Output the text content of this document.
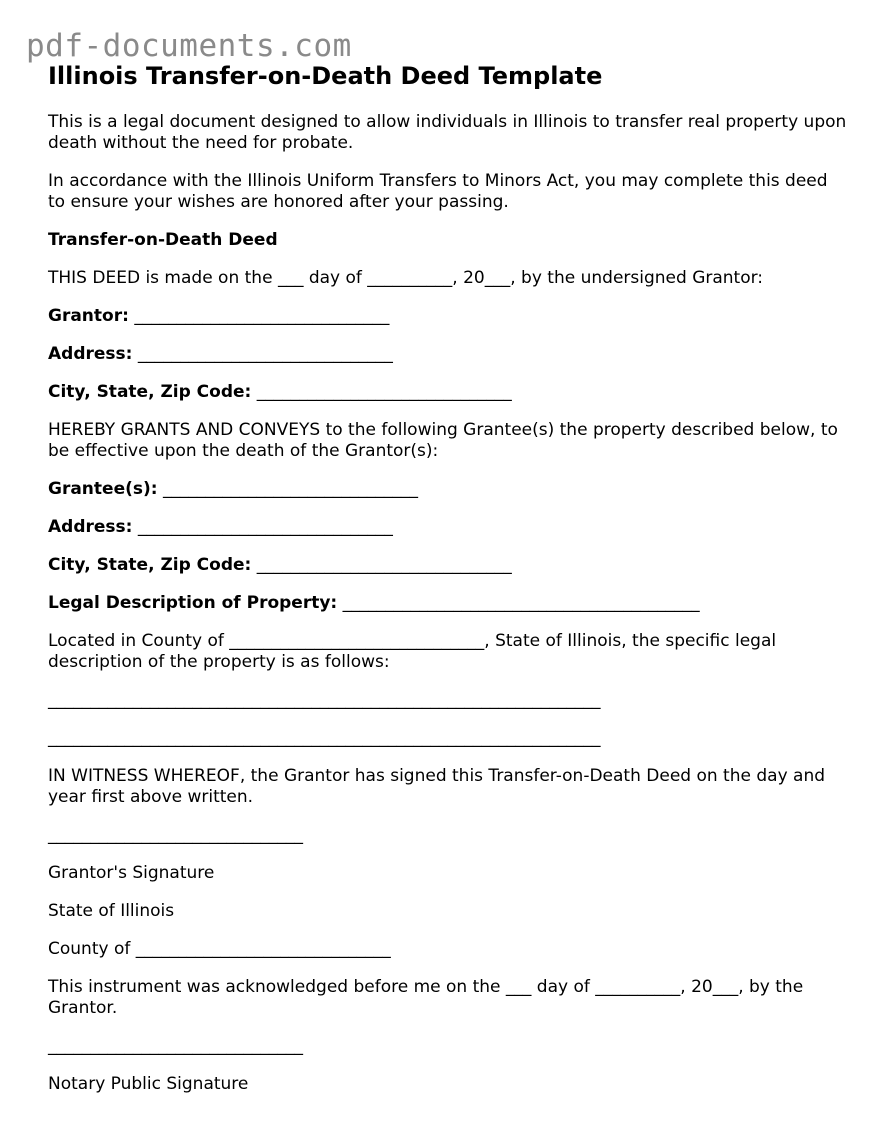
pdf-documents.com
Illinois Transfer-on-Death Deed Template

This is a legal document designed to allow individuals in Illinois to transfer real property upon death without the need for probate.

In accordance with the Illinois Uniform Transfers to Minors Act, you may complete this deed to ensure your wishes are honored after your passing.

Transfer-on-Death Deed

THIS DEED is made on the ___ day of __________, 20___, by the undersigned Grantor:

Grantor: ______________________________

Address: ______________________________

City, State, Zip Code: ______________________________

HEREBY GRANTS AND CONVEYS to the following Grantee(s) the property described below, to be effective upon the death of the Grantor(s):

Grantee(s): ______________________________

Address: ______________________________

City, State, Zip Code: ______________________________

Legal Description of Property: __________________________________________

Located in County of ______________________________, State of Illinois, the specific legal description of the property is as follows:

_________________________________________________________________

_________________________________________________________________

IN WITNESS WHEREOF, the Grantor has signed this Transfer-on-Death Deed on the day and year first above written.

______________________________

Grantor's Signature

State of Illinois

County of ______________________________

This instrument was acknowledged before me on the ___ day of __________, 20___, by the Grantor.

______________________________

Notary Public Signature
